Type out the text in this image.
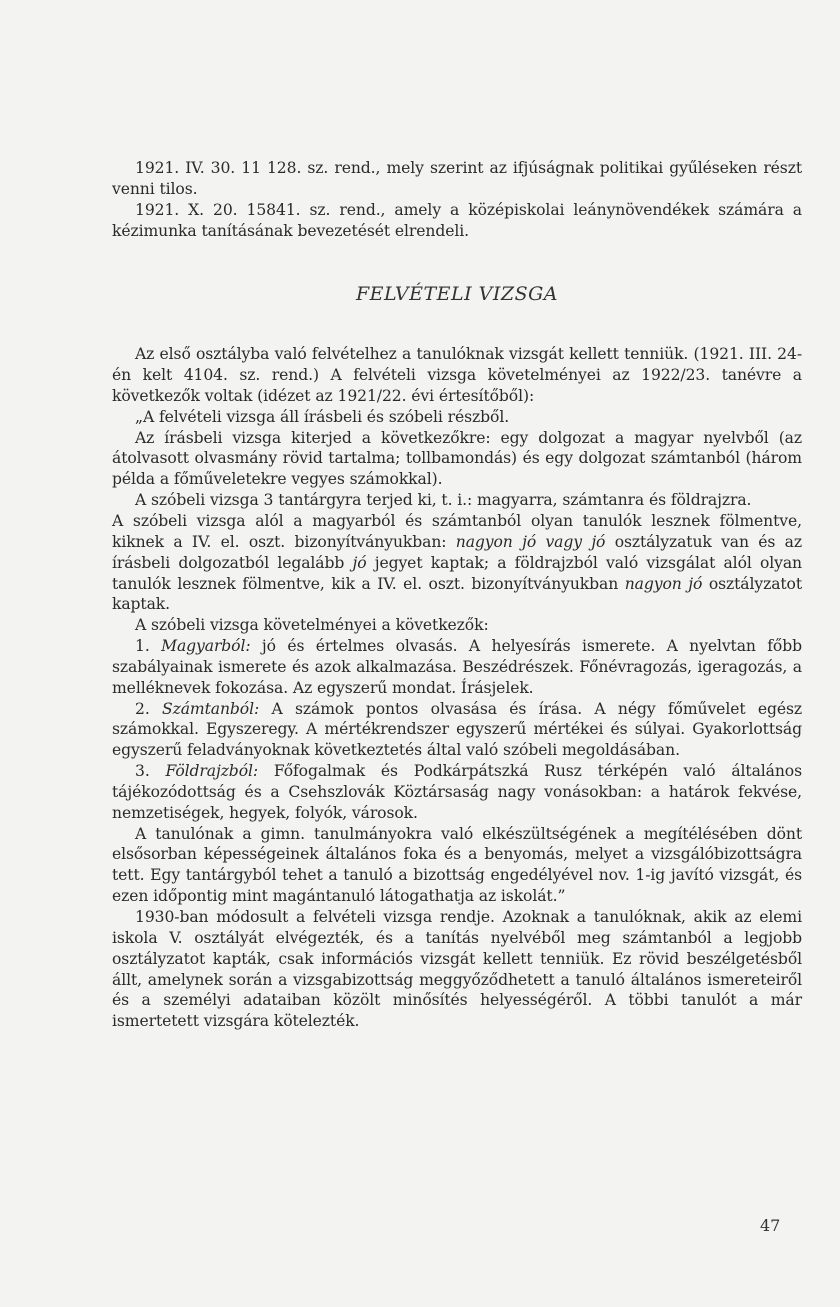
1921. IV. 30. 11 128. sz. rend., mely szerint az ifjúságnak politikai gyűléseken részt venni tilos.

1921. X. 20. 15841. sz. rend., amely a középiskolai leánynövendékek számára a kézimunka tanításának bevezetését elrendeli.

FELVÉTELI VIZSGA

Az első osztályba való felvételhez a tanulóknak vizsgát kellett tenniük. (1921. III. 24-én kelt 4104. sz. rend.) A felvételi vizsga követelményei az 1922/23. tanévre a következők voltak (idézet az 1921/22. évi értesítőből):

„A felvételi vizsga áll írásbeli és szóbeli részből.

Az írásbeli vizsga kiterjed a következőkre: egy dolgozat a magyar nyelvből (az átolvasott olvasmány rövid tartalma; tollbamondás) és egy dolgozat számtanból (három példa a főműveletekre vegyes számokkal).

A szóbeli vizsga 3 tantárgyra terjed ki, t. i.: magyarra, számtanra és földrajzra.

A szóbeli vizsga alól a magyarból és számtanból olyan tanulók lesznek fölmentve, kiknek a IV. el. oszt. bizonyítványukban: nagyon jó vagy jó osztályzatuk van és az írásbeli dolgozatból legalább jó jegyet kaptak; a földrajzból való vizsgálat alól olyan tanulók lesznek fölmentve, kik a IV. el. oszt. bizonyítványukban nagyon jó osztályzatot kaptak.

A szóbeli vizsga követelményei a következők:

1. Magyarból: jó és értelmes olvasás. A helyesírás ismerete. A nyelvtan főbb szabályainak ismerete és azok alkalmazása. Beszédrészek. Főnévragozás, igeragozás, a melléknevek fokozása. Az egyszerű mondat. Írásjelek.

2. Számtanból: A számok pontos olvasása és írása. A négy főművelet egész számokkal. Egyszeregy. A mértékrendszer egyszerű mértékei és súlyai. Gyakorlottság egyszerű feladványoknak következtetés által való szóbeli megoldásában.

3. Földrajzból: Főfogalmak és Podkárpátszká Rusz térképén való általános tájékozódottság és a Csehszlovák Köztársaság nagy vonásokban: a határok fekvése, nemzetiségek, hegyek, folyók, városok.

A tanulónak a gimn. tanulmányokra való elkészültségének a megítélésében dönt elsősorban képességeinek általános foka és a benyomás, melyet a vizsgálóbizottságra tett. Egy tantárgyból tehet a tanuló a bizottság engedélyével nov. 1-ig javító vizsgát, és ezen időpontig mint magántanuló látogathatja az iskolát.”

1930-ban módosult a felvételi vizsga rendje. Azoknak a tanulóknak, akik az elemi iskola V. osztályát elvégezték, és a tanítás nyelvéből meg számtanból a legjobb osztályzatot kapták, csak információs vizsgát kellett tenniük. Ez rövid beszélgetésből állt, amelynek során a vizsgabizottság meggyőződhetett a tanuló általános ismereteiről és a személyi adataiban közölt minősítés helyességéről. A többi tanulót a már ismertetett vizsgára kötelezték.

47
